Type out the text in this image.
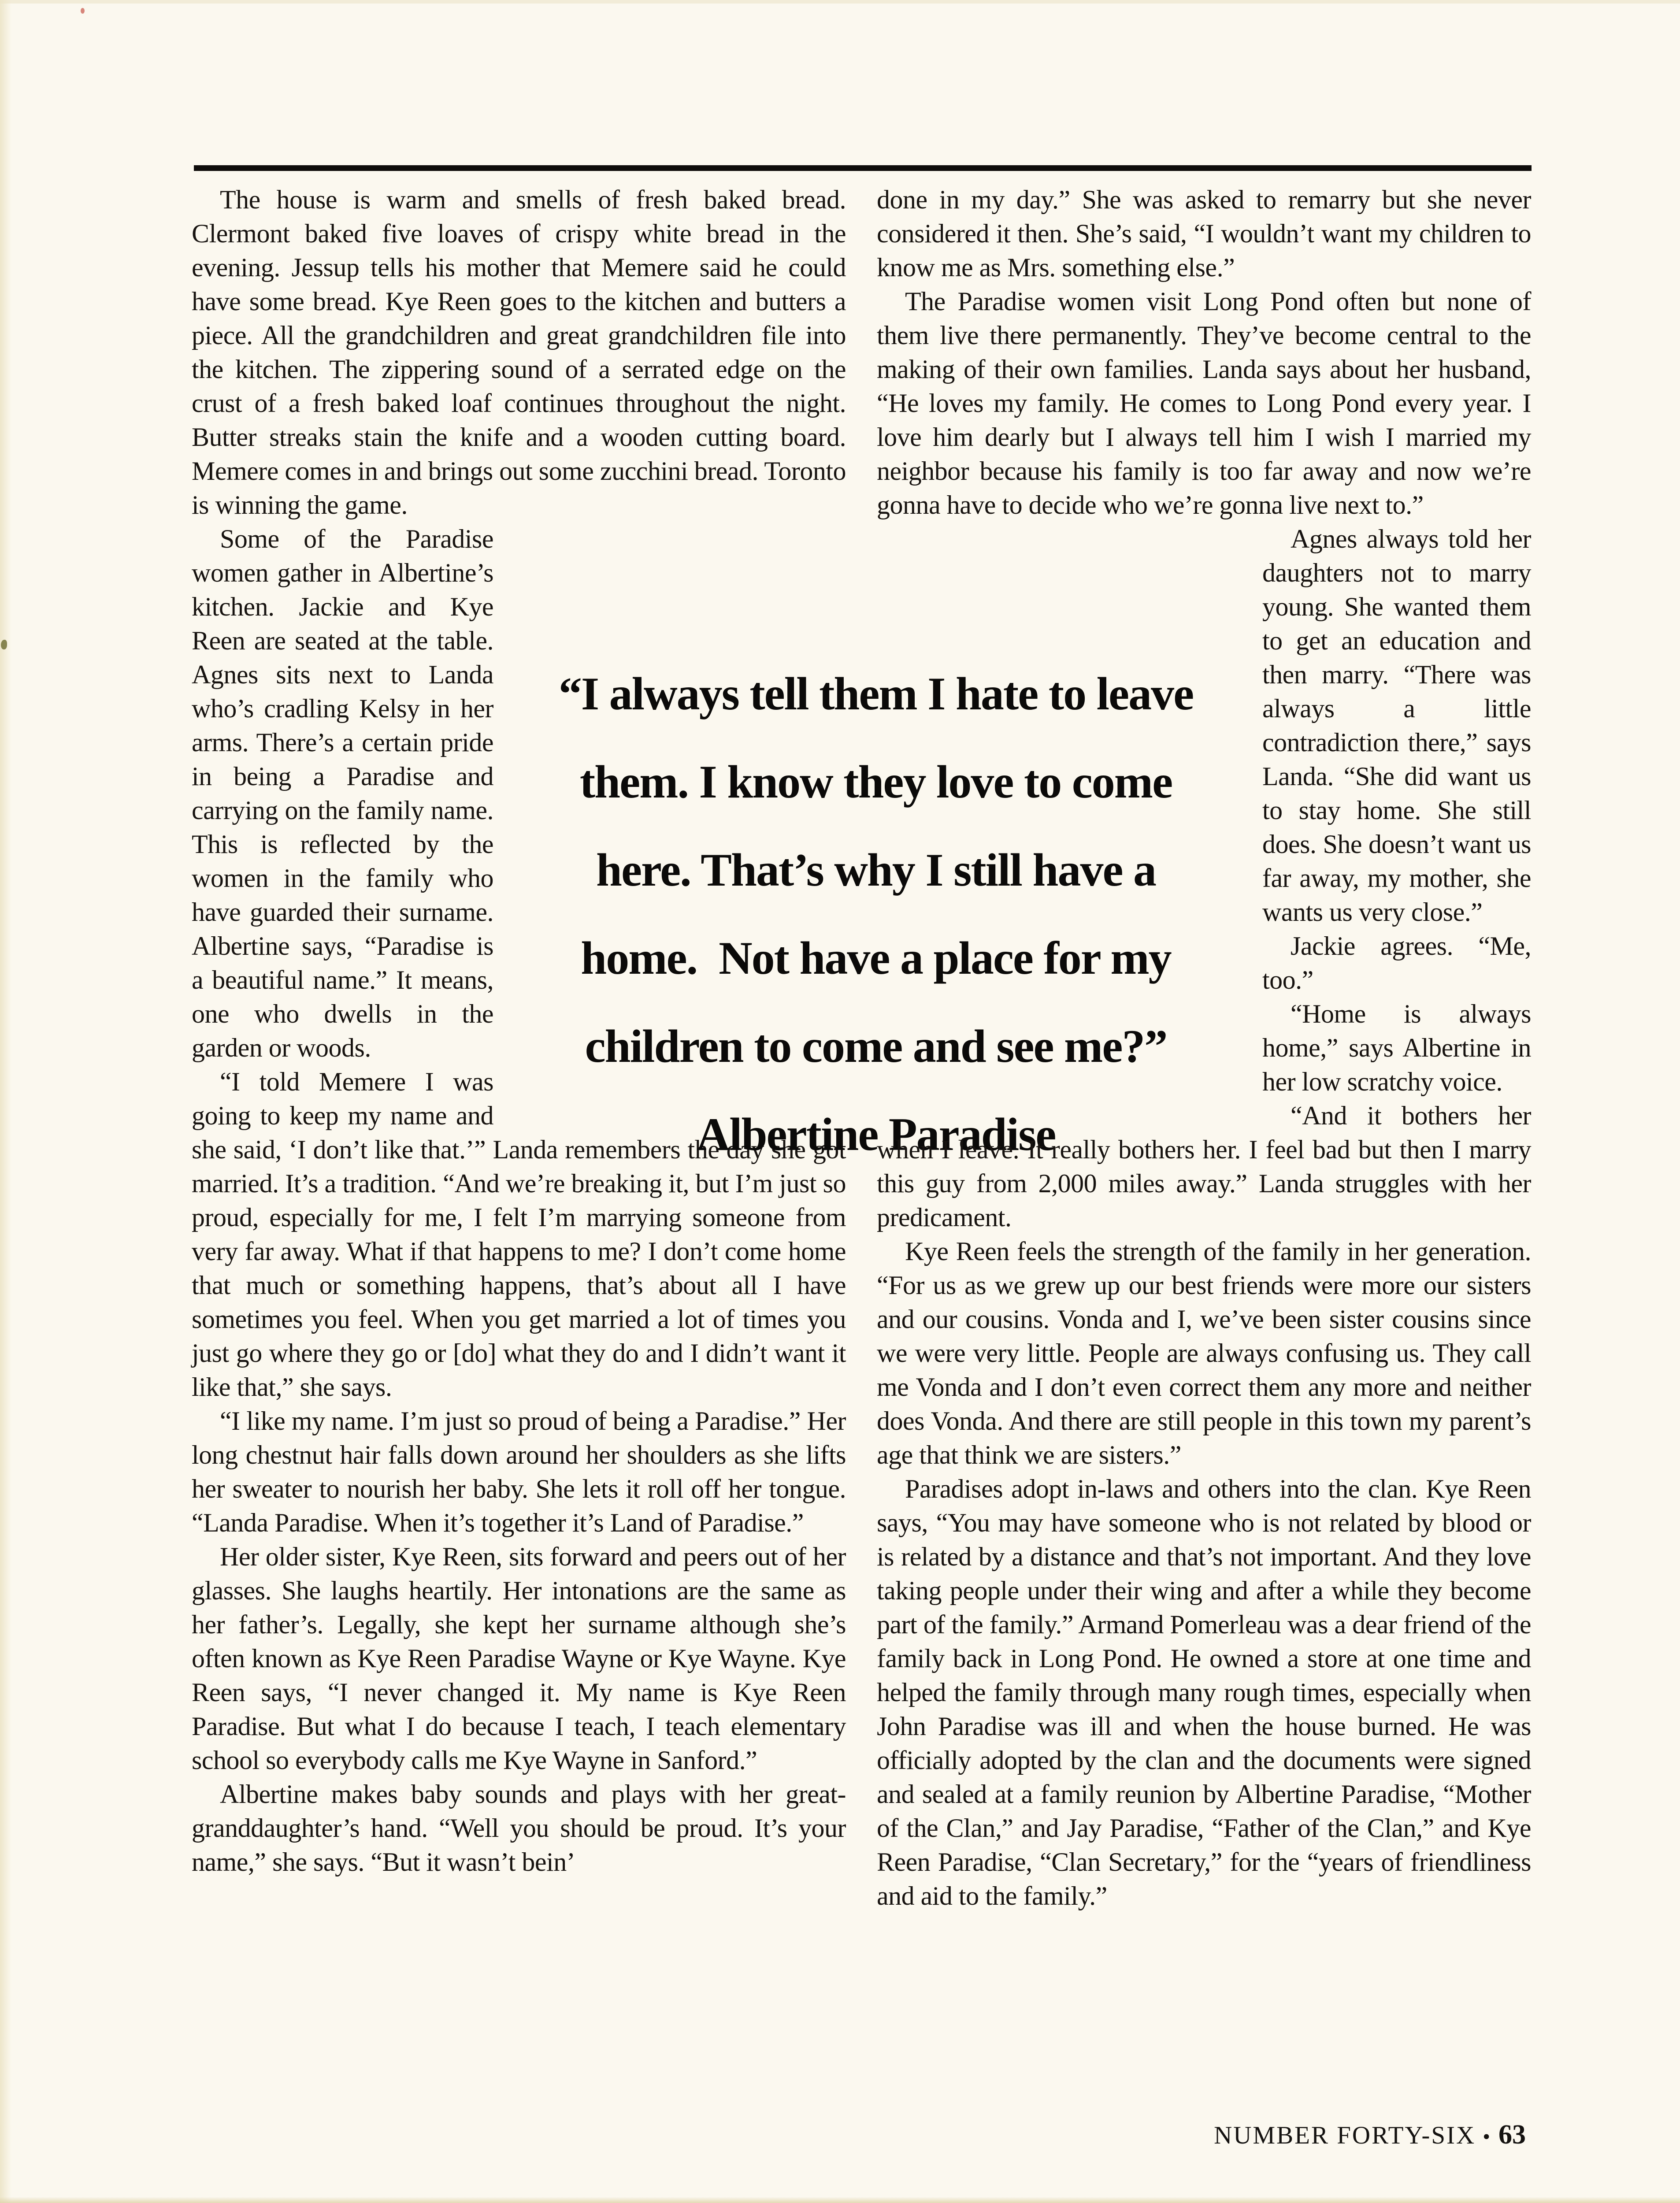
The house is warm and smells of fresh baked bread. Clermont baked five loaves of crispy white bread in the evening. Jessup tells his mother that Memere said he could have some bread. Kye Reen goes to the kitchen and butters a piece. All the grandchildren and great grandchildren file into the kitchen. The zippering sound of a serrated edge on the crust of a fresh baked loaf continues throughout the night. Butter streaks stain the knife and a wooden cutting board. Memere comes in and brings out some zucchini bread. Toronto is winning the game.

Some of the Paradise women gather in Albertine’s kitchen. Jackie and Kye Reen are seated at the table. Agnes sits next to Landa who’s cradling Kelsy in her arms. There’s a certain pride in being a Paradise and carrying on the family name. This is reflected by the women in the family who have guarded their surname. Albertine says, “Paradise is a beautiful name.” It means, one who dwells in the garden or woods.

“I told Memere I was going to keep my name and she said, ‘I don’t like that.’” Landa remembers the day she got married. It’s a tradition. “And we’re breaking it, but I’m just so proud, especially for me, I felt I’m marrying someone from very far away. What if that happens to me? I don’t come home that much or something happens, that’s about all I have sometimes you feel. When you get married a lot of times you just go where they go or [do] what they do and I didn’t want it like that,” she says.

“I like my name. I’m just so proud of being a Paradise.” Her long chestnut hair falls down around her shoulders as she lifts her sweater to nourish her baby. She lets it roll off her tongue. “Landa Paradise. When it’s together it’s Land of Paradise.”

Her older sister, Kye Reen, sits forward and peers out of her glasses. She laughs heartily. Her intonations are the same as her father’s. Legally, she kept her surname although she’s often known as Kye Reen Paradise Wayne or Kye Wayne. Kye Reen says, “I never changed it. My name is Kye Reen Paradise. But what I do because I teach, I teach elementary school so everybody calls me Kye Wayne in Sanford.”

Albertine makes baby sounds and plays with her great-granddaughter’s hand. “Well you should be proud. It’s your name,” she says. “But it wasn’t bein’

“I always tell them I hate to leave
them. I know they love to come
here. That’s why I still have a
home.  Not have a place for my
children to come and see me?”
Albertine Paradise

done in my day.” She was asked to remarry but she never considered it then. She’s said, “I wouldn’t want my children to know me as Mrs. something else.”

The Paradise women visit Long Pond often but none of them live there permanently. They’ve become central to the making of their own families. Landa says about her husband, “He loves my family. He comes to Long Pond every year. I love him dearly but I always tell him I wish I married my neighbor because his family is too far away and now we’re gonna have to decide who we’re gonna live next to.”

Agnes always told her daughters not to marry young. She wanted them to get an education and then marry. “There was always a little contradiction there,” says Landa. “She did want us to stay home. She still does. She doesn’t want us far away, my mother, she wants us very close.”

Jackie agrees. “Me, too.”

“Home is always home,” says Albertine in her low scratchy voice.

“And it bothers her when I leave. It really bothers her. I feel bad but then I marry this guy from 2,000 miles away.” Landa struggles with her predicament.

Kye Reen feels the strength of the family in her generation. “For us as we grew up our best friends were more our sisters and our cousins. Vonda and I, we’ve been sister cousins since we were very little. People are always confusing us. They call me Vonda and I don’t even correct them any more and neither does Vonda. And there are still people in this town my parent’s age that think we are sisters.”

Paradises adopt in-laws and others into the clan. Kye Reen says, “You may have someone who is not related by blood or is related by a distance and that’s not important. And they love taking people under their wing and after a while they become part of the family.” Armand Pomerleau was a dear friend of the family back in Long Pond. He owned a store at one time and helped the family through many rough times, especially when John Paradise was ill and when the house burned. He was officially adopted by the clan and the documents were signed and sealed at a family reunion by Albertine Paradise, “Mother of the Clan,” and Jay Paradise, “Father of the Clan,” and Kye Reen Paradise, “Clan Secretary,” for the “years of friendliness and aid to the family.”

NUMBER FORTY-SIX • 63
